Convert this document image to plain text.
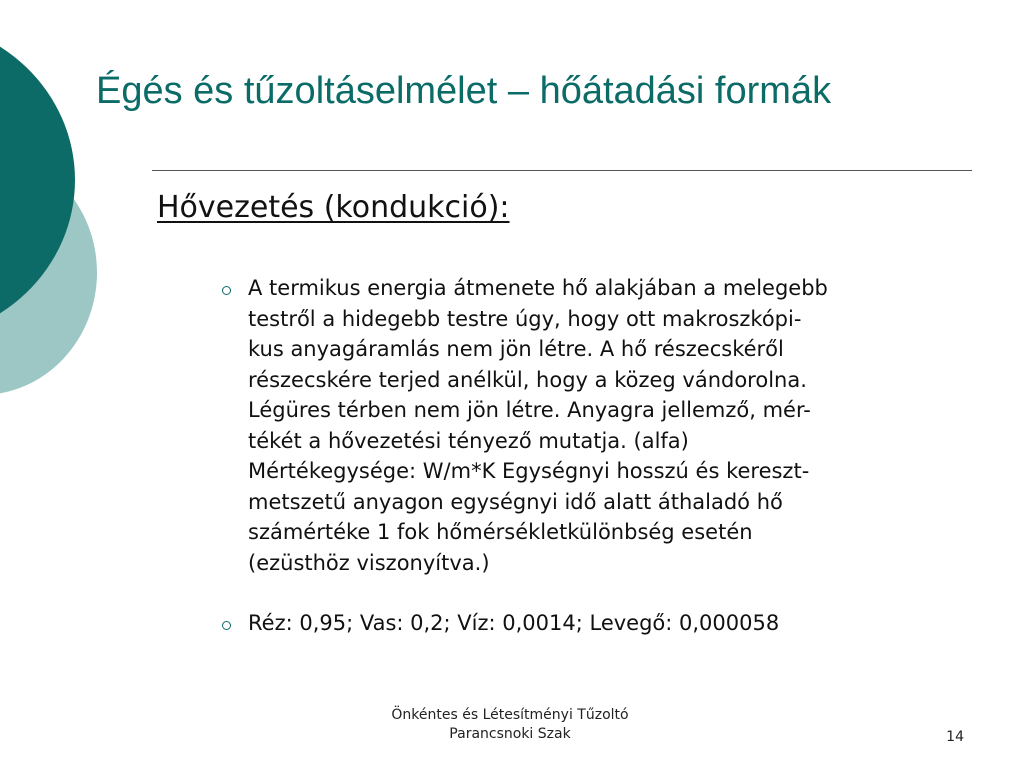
Égés és tűzoltáselmélet – hőátadási formák
Hővezetés (kondukció):
A termikus energia átmenete hő alakjában a melegebb
testről a hidegebb testre úgy, hogy ott makroszkópi-
kus anyagáramlás nem jön létre. A hő részecskéről
részecskére terjed anélkül, hogy a közeg vándorolna.
Légüres térben nem jön létre. Anyagra jellemző, mér-
tékét a hővezetési tényező mutatja. (alfa)
Mértékegysége: W/m*K Egységnyi hosszú és kereszt-
metszetű anyagon egységnyi idő alatt áthaladó hő
számértéke 1 fok hőmérsékletkülönbség esetén
(ezüsthöz viszonyítva.)
Réz: 0,95; Vas: 0,2; Víz: 0,0014; Levegő: 0,000058
Önkéntes és Létesítményi Tűzoltó
Parancsnoki Szak	14
